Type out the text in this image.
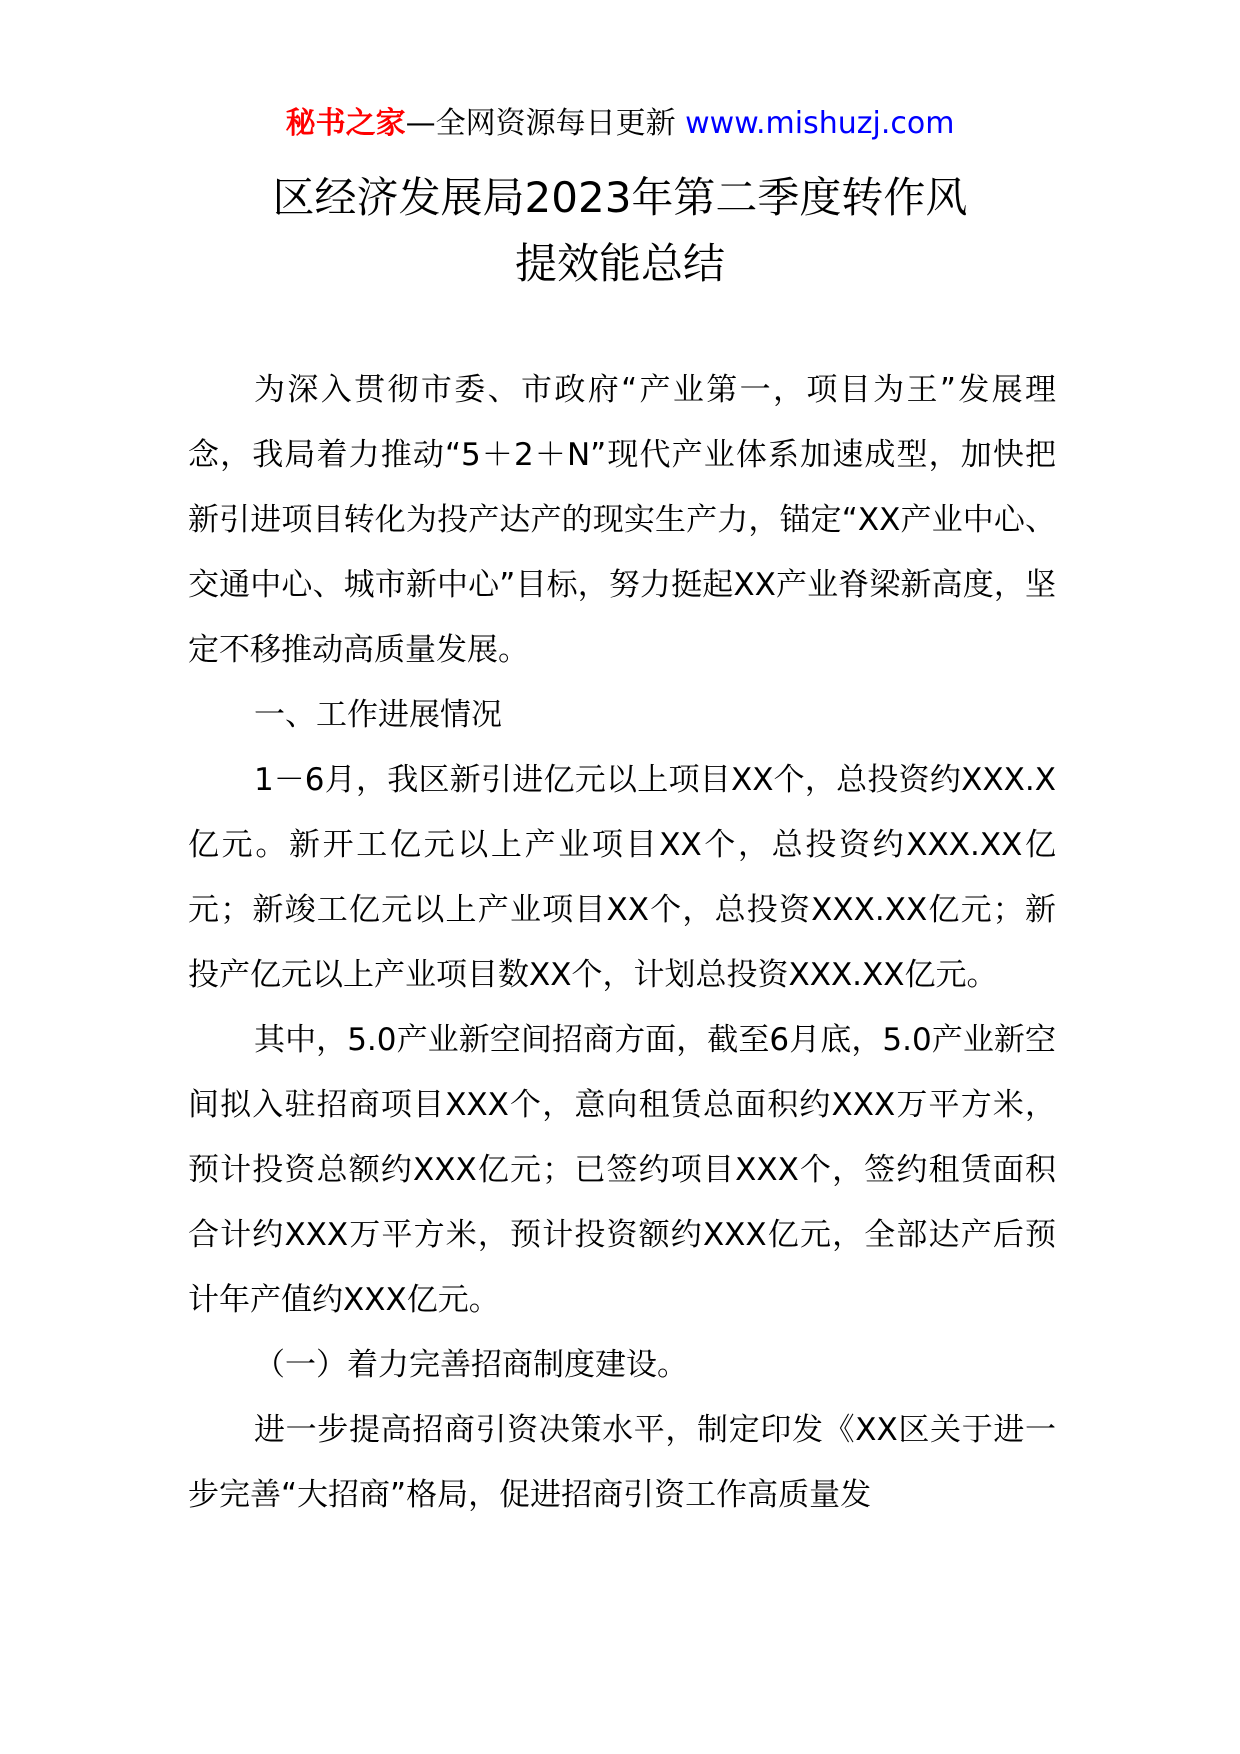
秘书之家—全网资源每日更新 www.mishuzj.com
区经济发展局2023年第二季度转作风
提效能总结

为深入贯彻市委、市政府“产业第一，项目为王”发展理念，我局着力推动“5＋2＋N”现代产业体系加速成型，加快把新引进项目转化为投产达产的现实生产力，锚定“XX产业中心、交通中心、城市新中心”目标，努力挺起XX产业脊梁新高度，坚定不移推动高质量发展。

一、工作进展情况

1－6月，我区新引进亿元以上项目XX个，总投资约XXX.X亿元。新开工亿元以上产业项目XX个，总投资约XXX.XX亿元；新竣工亿元以上产业项目XX个，总投资XXX.XX亿元；新投产亿元以上产业项目数XX个，计划总投资XXX.XX亿元。

其中，5.0产业新空间招商方面，截至6月底，5.0产业新空间拟入驻招商项目XXX个，意向租赁总面积约XXX万平方米，预计投资总额约XXX亿元；已签约项目XXX个，签约租赁面积合计约XXX万平方米，预计投资额约XXX亿元，全部达产后预计年产值约XXX亿元。

（一）着力完善招商制度建设。

进一步提高招商引资决策水平，制定印发《XX区关于进一步完善“大招商”格局，促进招商引资工作高质量发
